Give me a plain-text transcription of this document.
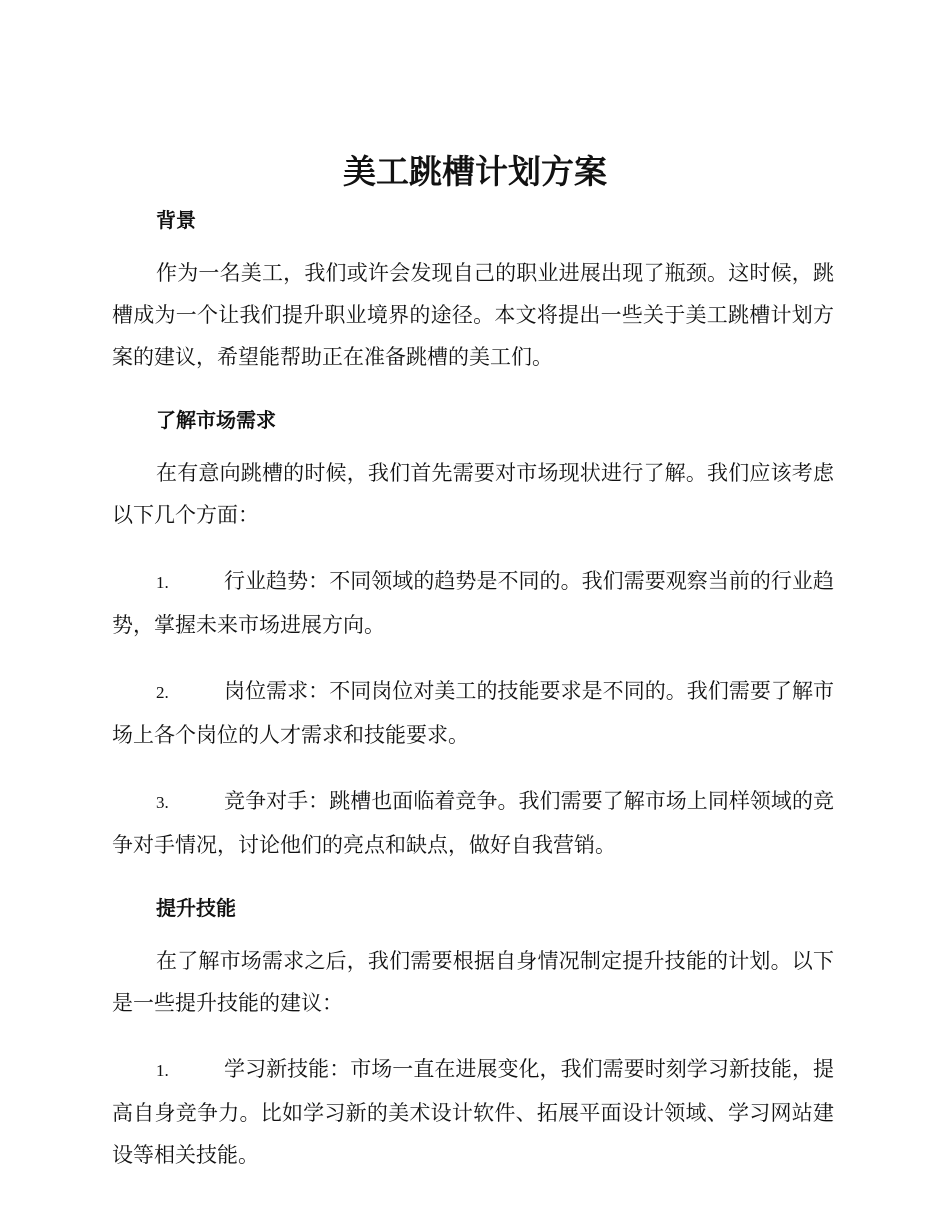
美工跳槽计划方案
背景

作为一名美工，我们或许会发现自己的职业进展出现了瓶颈。这时候，跳槽成为一个让我们提升职业境界的途径。本文将提出一些关于美工跳槽计划方案的建议，希望能帮助正在准备跳槽的美工们。

了解市场需求

在有意向跳槽的时候，我们首先需要对市场现状进行了解。我们应该考虑以下几个方面：

1.	行业趋势：不同领域的趋势是不同的。我们需要观察当前的行业趋势，掌握未来市场进展方向。

2.	岗位需求：不同岗位对美工的技能要求是不同的。我们需要了解市场上各个岗位的人才需求和技能要求。

3.	竞争对手：跳槽也面临着竞争。我们需要了解市场上同样领域的竞争对手情况，讨论他们的亮点和缺点，做好自我营销。

提升技能

在了解市场需求之后，我们需要根据自身情况制定提升技能的计划。以下是一些提升技能的建议：

1.	学习新技能：市场一直在进展变化，我们需要时刻学习新技能，提高自身竞争力。比如学习新的美术设计软件、拓展平面设计领域、学习网站建设等相关技能。
